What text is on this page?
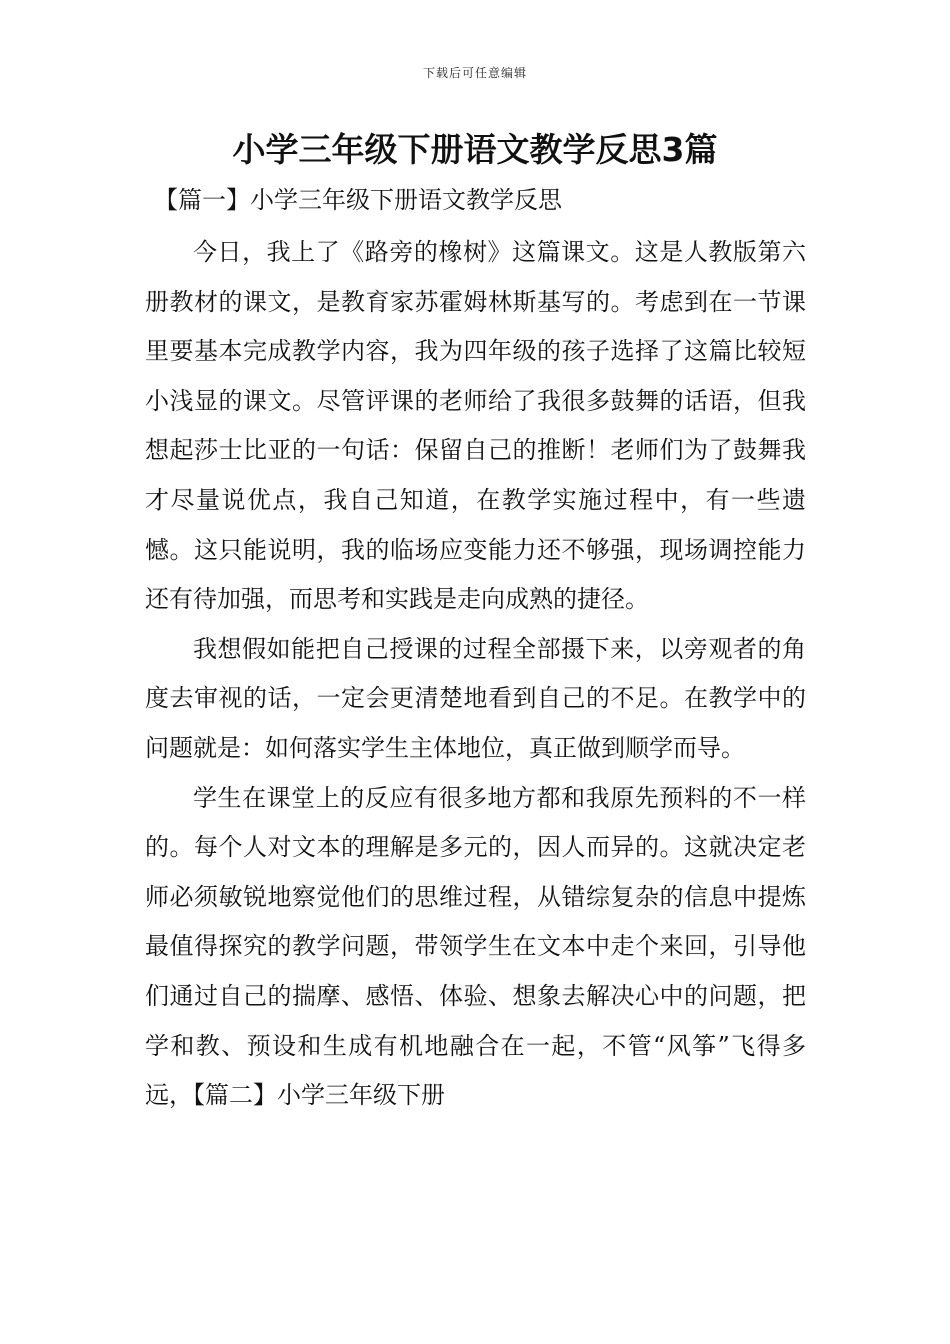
下载后可任意编辑
小学三年级下册语文教学反思3篇
【篇一】小学三年级下册语文教学反思

今日，我上了《路旁的橡树》这篇课文。这是人教版第六册教材的课文，是教育家苏霍姆林斯基写的。考虑到在一节课里要基本完成教学内容，我为四年级的孩子选择了这篇比较短小浅显的课文。尽管评课的老师给了我很多鼓舞的话语，但我想起莎士比亚的一句话：保留自己的推断！老师们为了鼓舞我才尽量说优点，我自己知道，在教学实施过程中，有一些遗憾。这只能说明，我的临场应变能力还不够强，现场调控能力还有待加强，而思考和实践是走向成熟的捷径。

我想假如能把自己授课的过程全部摄下来，以旁观者的角度去审视的话，一定会更清楚地看到自己的不足。在教学中的问题就是：如何落实学生主体地位，真正做到顺学而导。

学生在课堂上的反应有很多地方都和我原先预料的不一样的。每个人对文本的理解是多元的，因人而异的。这就决定老师必须敏锐地察觉他们的思维过程，从错综复杂的信息中提炼最值得探究的教学问题，带领学生在文本中走个来回，引导他们通过自己的揣摩、感悟、体验、想象去解决心中的问题，把学和教、预设和生成有机地融合在一起，不管“风筝”飞得多远，【篇二】小学三年级下册
